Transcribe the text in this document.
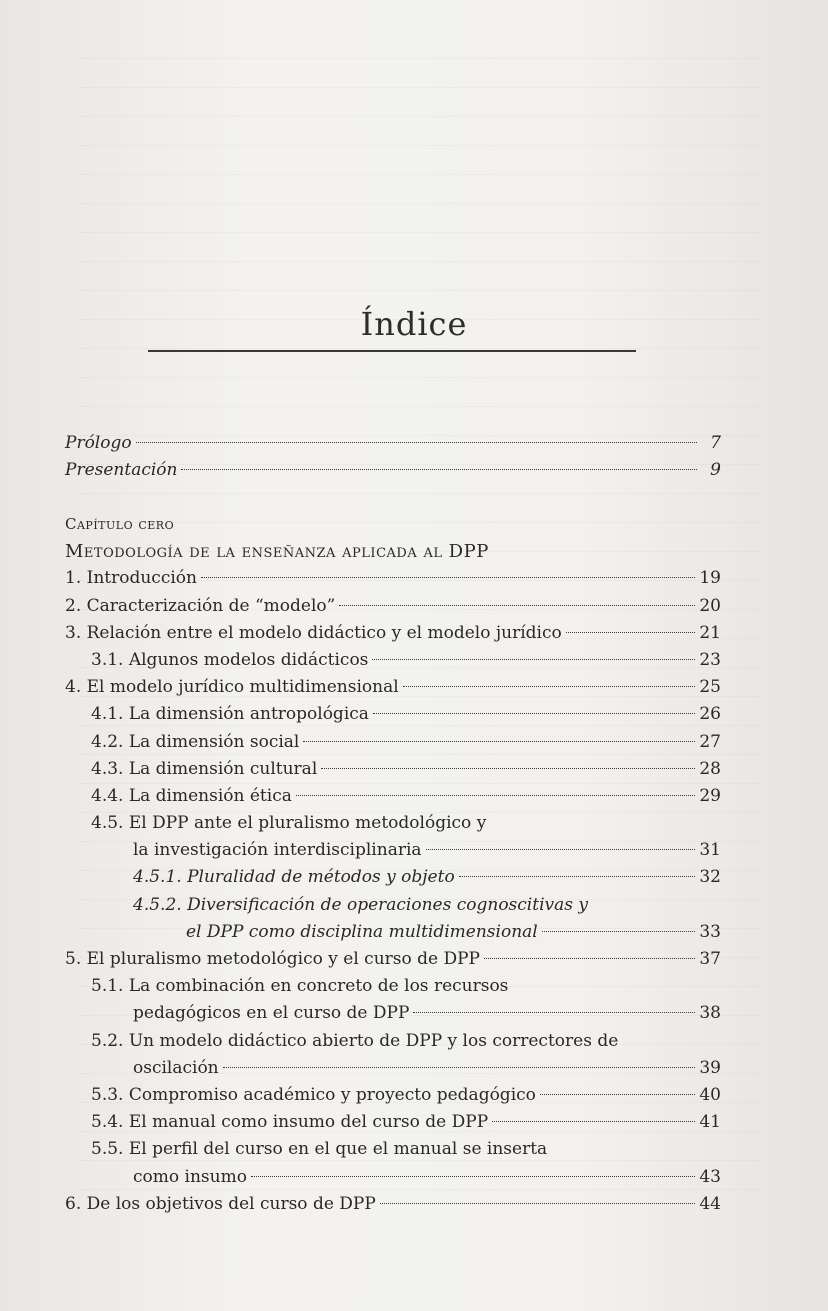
Índice
Prólogo	7
Presentación	9
Capítulo cero
Metodología de la enseñanza aplicada al DPP
1. Introducción	19
2. Caracterización de “modelo”	20
3. Relación entre el modelo didáctico y el modelo jurídico	21
3.1. Algunos modelos didácticos	23
4. El modelo jurídico multidimensional	25
4.1. La dimensión antropológica	26
4.2. La dimensión social	27
4.3. La dimensión cultural	28
4.4. La dimensión ética	29
4.5. El DPP ante el pluralismo metodológico y
la investigación interdisciplinaria	31
4.5.1. Pluralidad de métodos y objeto	32
4.5.2. Diversificación de operaciones cognoscitivas y
el DPP como disciplina multidimensional	33
5. El pluralismo metodológico y el curso de DPP	37
5.1. La combinación en concreto de los recursos
pedagógicos en el curso de DPP	38
5.2. Un modelo didáctico abierto de DPP y los correctores de
oscilación	39
5.3. Compromiso académico y proyecto pedagógico	40
5.4. El manual como insumo del curso de DPP	41
5.5. El perfil del curso en el que el manual se inserta
como insumo	43
6. De los objetivos del curso de DPP	44
